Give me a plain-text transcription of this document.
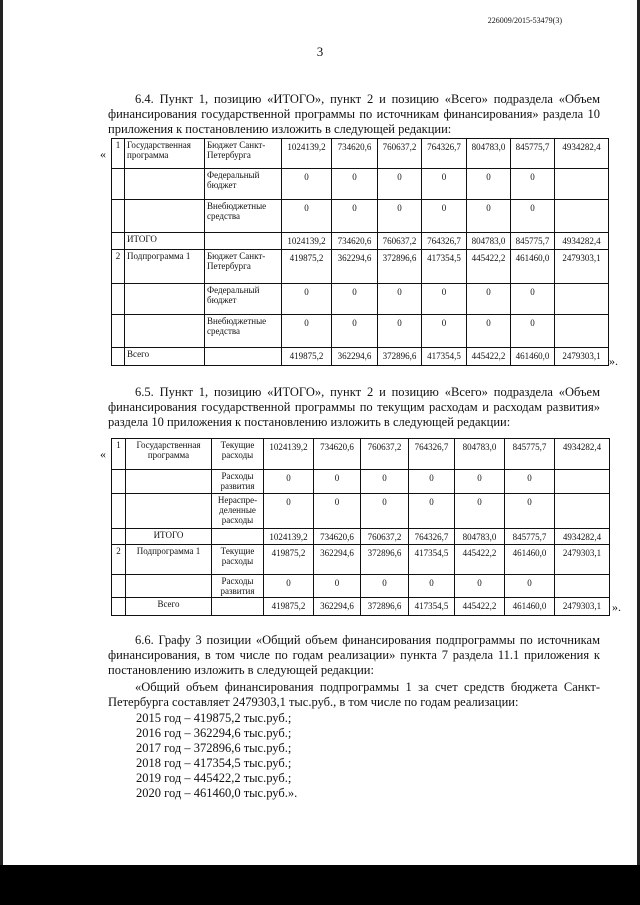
226009/2015-53479(3)
3

6.4. Пункт 1, позицию «ИТОГО», пункт 2 и позицию «Всего» подраздела «Объем финансирования государственной программы по источникам финансирования» раздела 10 приложения к постановлению изложить в следующей редакции:

«
1	Государственная программа	Бюджет Санкт-Петербурга	1024139,2	734620,6	760637,2	764326,7	804783,0	845775,7	4934282,4
		Федеральный бюджет	0	0	0	0	0	0	
		Внебюджетные средства	0	0	0	0	0	0	
	ИТОГО		1024139,2	734620,6	760637,2	764326,7	804783,0	845775,7	4934282,4
2	Подпрограмма 1	Бюджет Санкт-Петербурга	419875,2	362294,6	372896,6	417354,5	445422,2	461460,0	2479303,1
		Федеральный бюджет	0	0	0	0	0	0	
		Внебюджетные средства	0	0	0	0	0	0	
	Всего		419875,2	362294,6	372896,6	417354,5	445422,2	461460,0	2479303,1 ».

6.5. Пункт 1, позицию «ИТОГО», пункт 2 и позицию «Всего» подраздела «Объем финансирования государственной программы по текущим расходам и расходам развития» раздела 10 приложения к постановлению изложить в следующей редакции:

«
1	Государственная программа	Текущие расходы	1024139,2	734620,6	760637,2	764326,7	804783,0	845775,7	4934282,4
		Расходы развития	0	0	0	0	0	0	
		Нераспре-деленные расходы	0	0	0	0	0	0	
	ИТОГО		1024139,2	734620,6	760637,2	764326,7	804783,0	845775,7	4934282,4
2	Подпрограмма 1	Текущие расходы	419875,2	362294,6	372896,6	417354,5	445422,2	461460,0	2479303,1
		Расходы развития	0	0	0	0	0	0	
	Всего		419875,2	362294,6	372896,6	417354,5	445422,2	461460,0	2479303,1 ».

6.6. Графу 3 позиции «Общий объем финансирования подпрограммы по источникам финансирования, в том числе по годам реализации» пункта 7 раздела 11.1 приложения к постановлению изложить в следующей редакции:

«Общий объем финансирования подпрограммы 1 за счет средств бюджета Санкт-Петербурга составляет 2479303,1 тыс.руб., в том числе по годам реализации:

2015 год – 419875,2 тыс.руб.;

2016 год – 362294,6 тыс.руб.;

2017 год – 372896,6 тыс.руб.;

2018 год – 417354,5 тыс.руб.;

2019 год – 445422,2 тыс.руб.;

2020 год – 461460,0 тыс.руб.».
